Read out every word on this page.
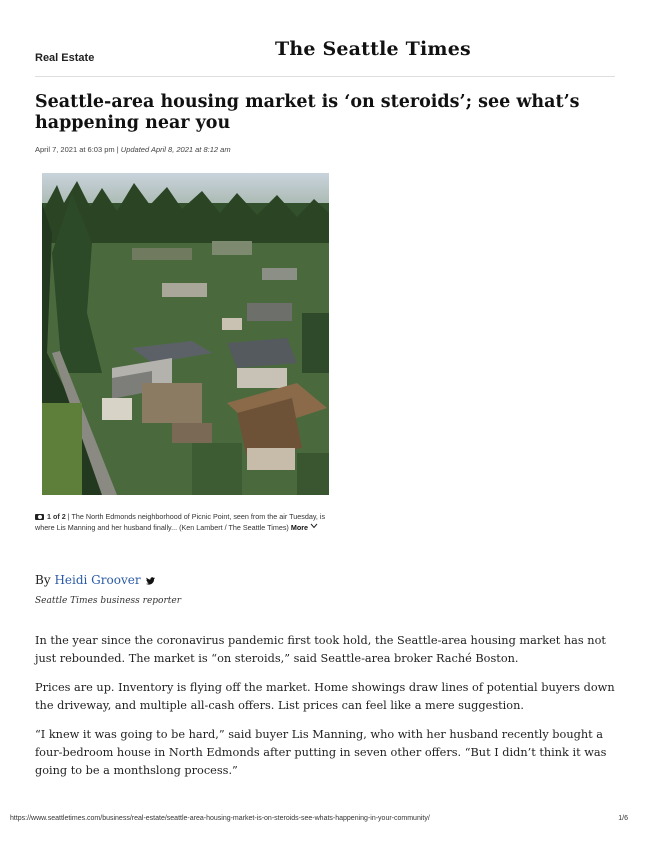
Real Estate	The Seattle Times
Seattle-area housing market is ‘on steroids’; see what’s happening near you
April 7, 2021 at 6:03 pm | Updated April 8, 2021 at 8:12 am
1 of 2 | The North Edmonds neighborhood of Picnic Point, seen from the air Tuesday, is where Lis Manning and her husband finally... (Ken Lambert / The Seattle Times) More
By Heidi Groover
Seattle Times business reporter

In the year since the coronavirus pandemic first took hold, the Seattle-area housing market has not just rebounded. The market is “on steroids,” said Seattle-area broker Raché Boston.

Prices are up. Inventory is flying off the market. Home showings draw lines of potential buyers down the driveway, and multiple all-cash offers. List prices can feel like a mere suggestion.

“I knew it was going to be hard,” said buyer Lis Manning, who with her husband recently bought a four-bedroom house in North Edmonds after putting in seven other offers. “But I didn’t think it was going to be a monthslong process.”

https://www.seattletimes.com/business/real-estate/seattle-area-housing-market-is-on-steroids-see-whats-happening-in-your-community/	1/6
